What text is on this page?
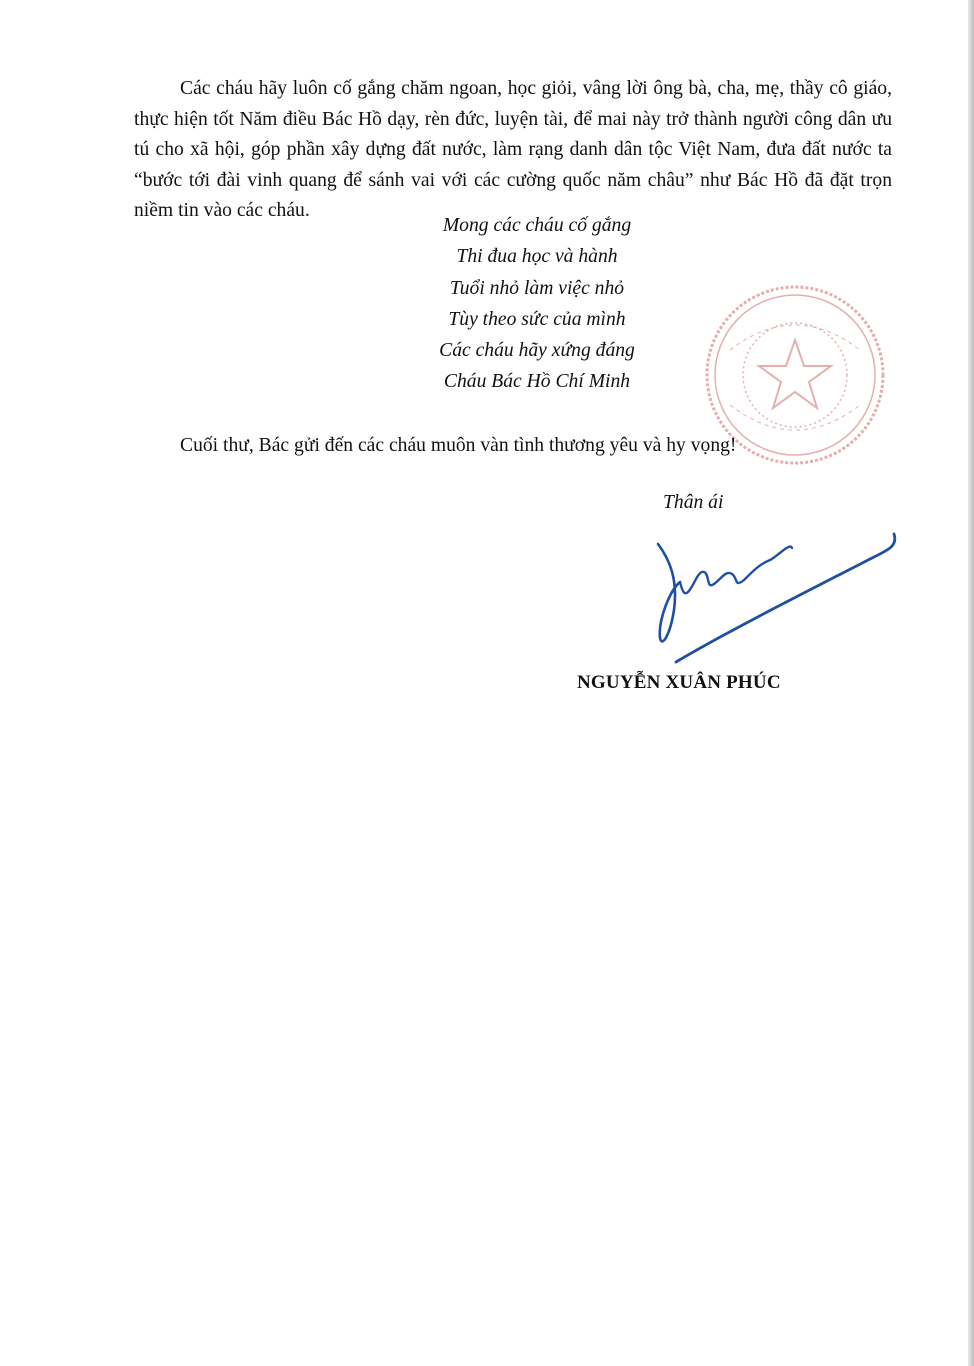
Các cháu hãy luôn cố gắng chăm ngoan, học giỏi, vâng lời ông bà, cha, mẹ, thầy cô giáo, thực hiện tốt Năm điều Bác Hồ dạy, rèn đức, luyện tài, để mai này trở thành người công dân ưu tú cho xã hội, góp phần xây dựng đất nước, làm rạng danh dân tộc Việt Nam, đưa đất nước ta “bước tới đài vinh quang để sánh vai với các cường quốc năm châu” như Bác Hồ đã đặt trọn niềm tin vào các cháu.

Mong các cháu cố gắng
Thi đua học và hành
Tuổi nhỏ làm việc nhỏ
Tùy theo sức của mình
Các cháu hãy xứng đáng
Cháu Bác Hồ Chí Minh
Cuối thư, Bác gửi đến các cháu muôn vàn tình thương yêu và hy vọng!
Thân ái
NGUYỄN XUÂN PHÚC
